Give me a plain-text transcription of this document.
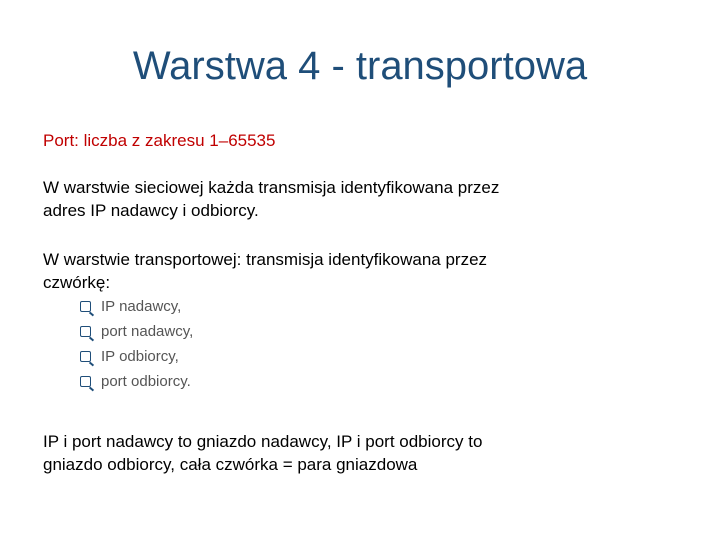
Warstwa 4 - transportowa
Port: liczba z zakresu 1–65535
W warstwie sieciowej każda transmisja identyfikowana przez
adres IP nadawcy i odbiorcy.
W warstwie transportowej: transmisja identyfikowana przez
czwórkę:
IP nadawcy,
port nadawcy,
IP odbiorcy,
port odbiorcy.
IP i port nadawcy to gniazdo nadawcy, IP i port odbiorcy to
gniazdo odbiorcy, cała czwórka = para gniazdowa
